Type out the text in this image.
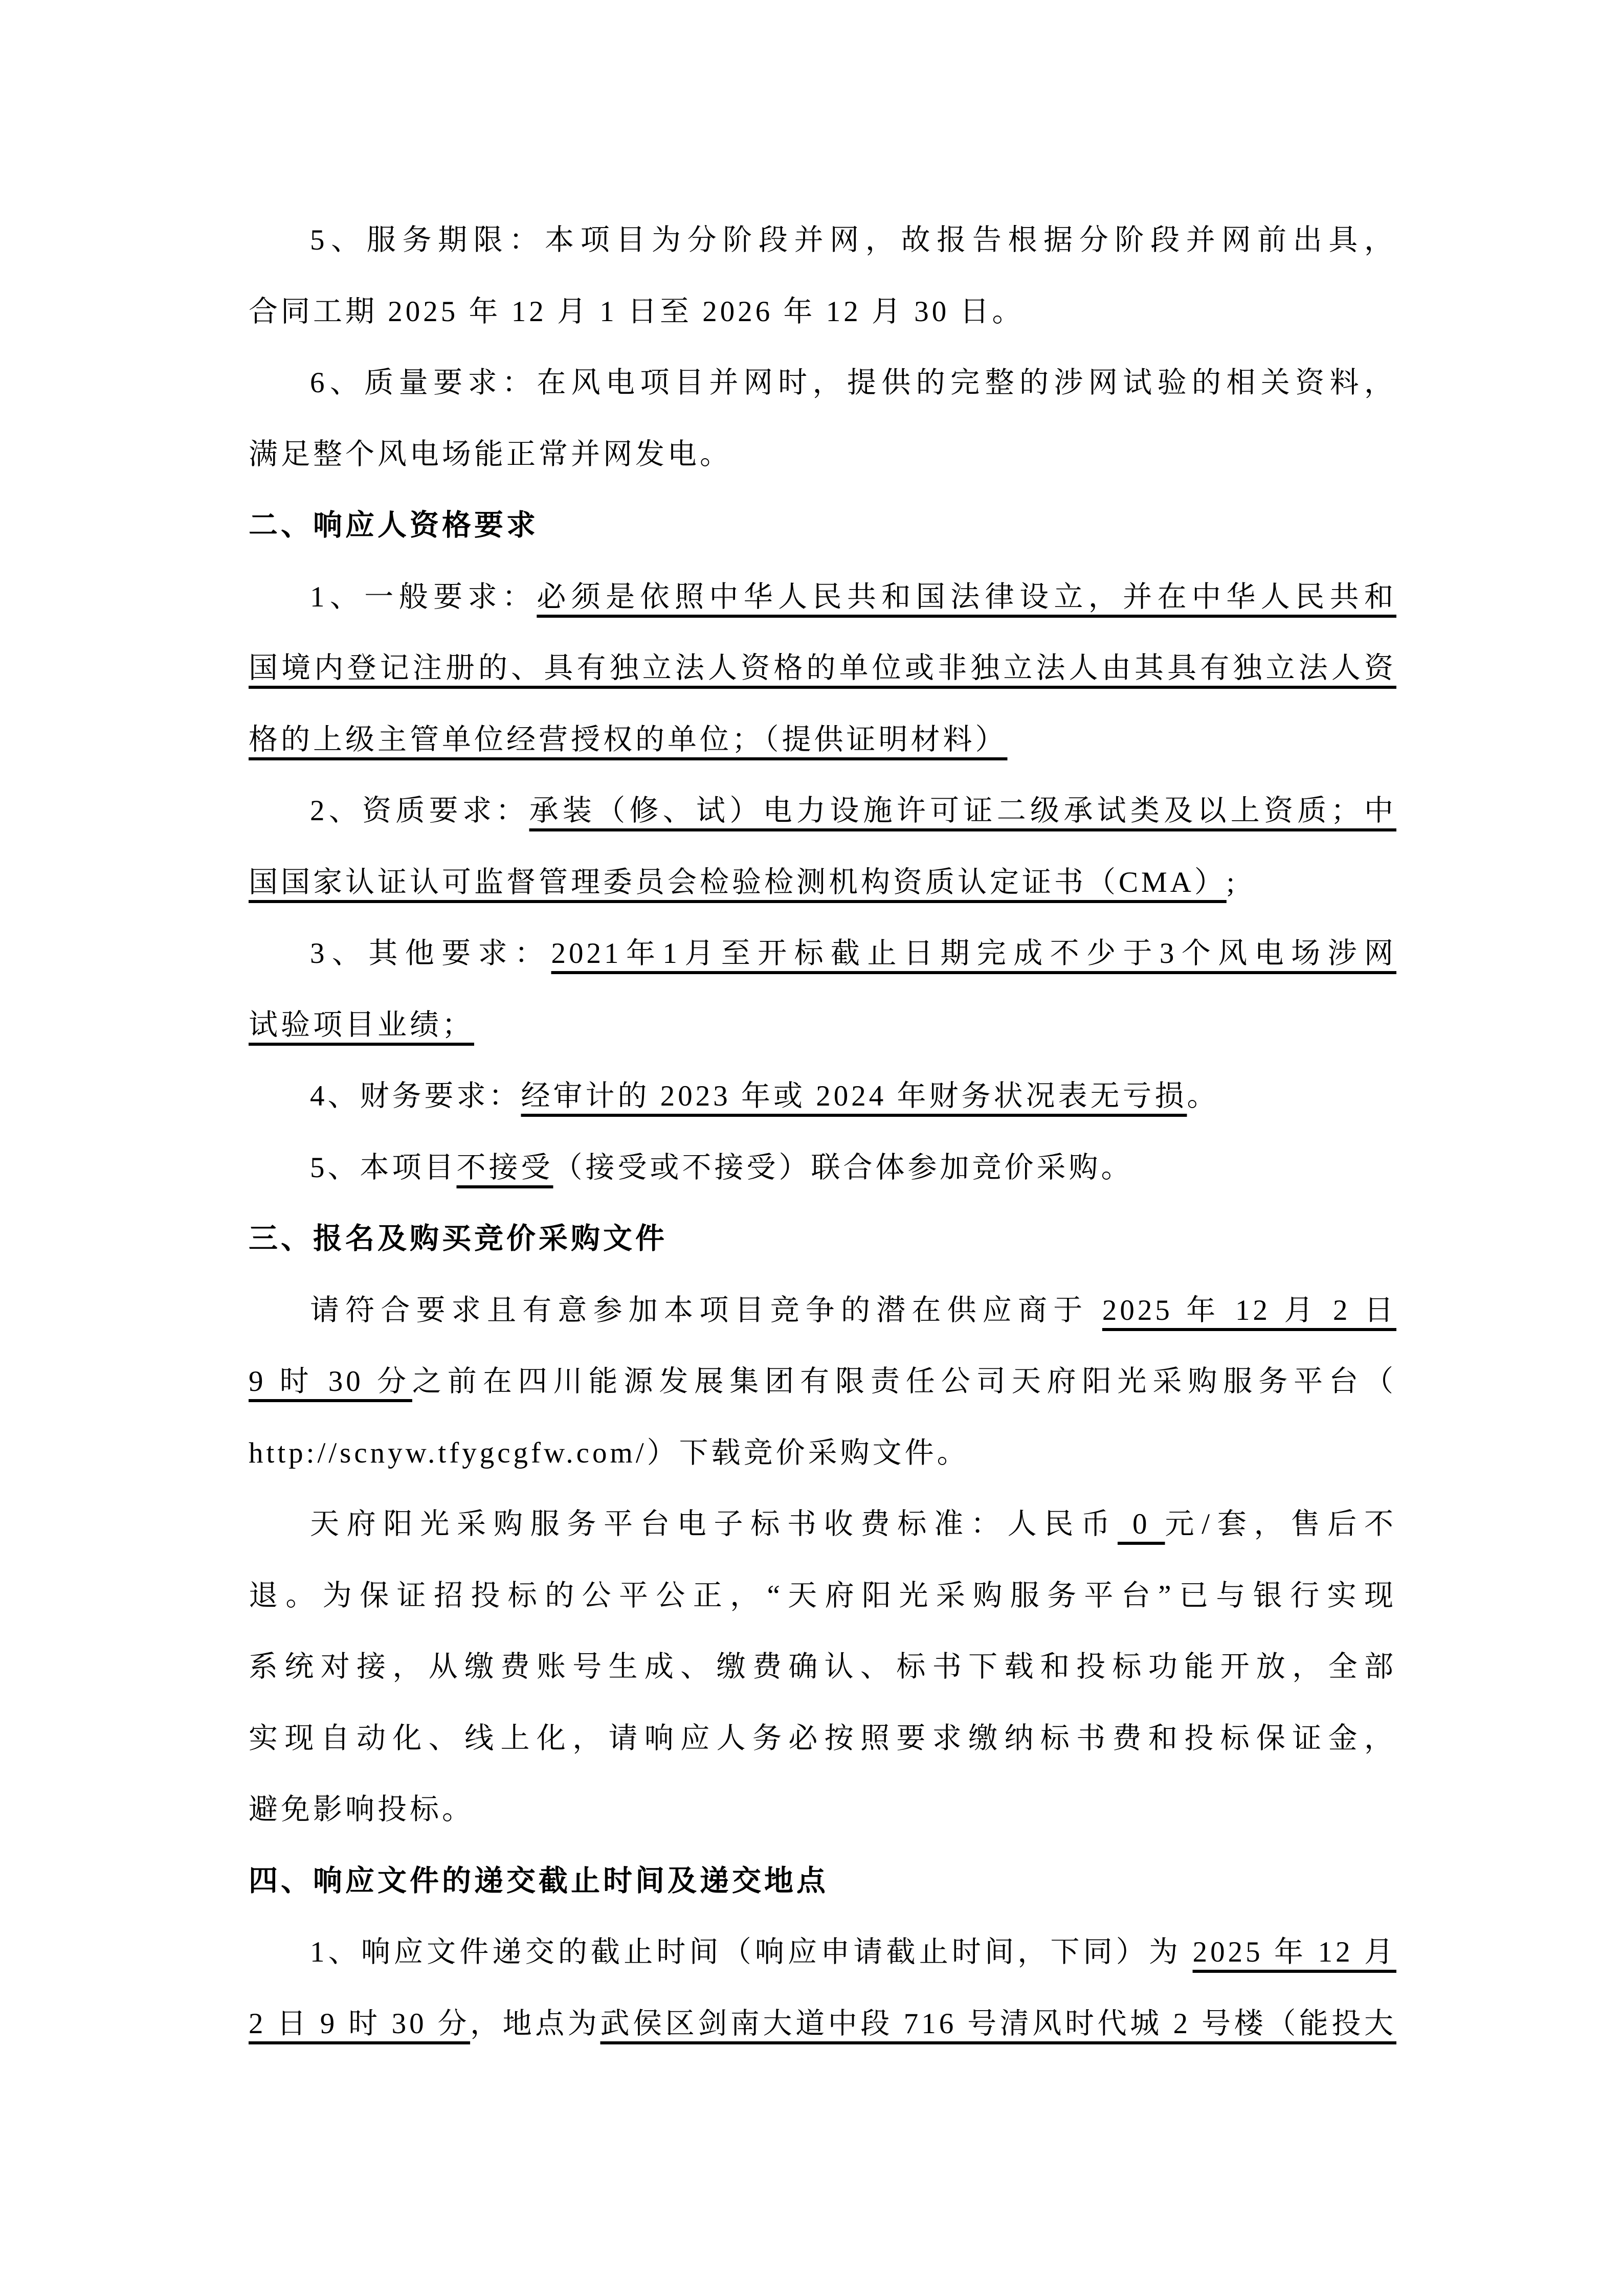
5、服务期限：本项目为分阶段并网，故报告根据分阶段并网前出具，
合同工期 2025 年 12 月 1 日至 2026 年 12 月 30 日。
6、质量要求：在风电项目并网时，提供的完整的涉网试验的相关资料，
满足整个风电场能正常并网发电。
二、响应人资格要求
1、一般要求：必须是依照中华人民共和国法律设立，并在中华人民共和
国境内登记注册的、具有独立法人资格的单位或非独立法人由其具有独立法人资
格的上级主管单位经营授权的单位；（提供证明材料）
2、资质要求：承装（修、试）电力设施许可证二级承试类及以上资质；中
国国家认证认可监督管理委员会检验检测机构资质认定证书（CMA）;
3、其他要求：2021年1月至开标截止日期完成不少于3个风电场涉网
试验项目业绩；
4、财务要求：经审计的 2023 年或 2024 年财务状况表无亏损。
5、本项目不接受（接受或不接受）联合体参加竞价采购。
三、报名及购买竞价采购文件
请符合要求且有意参加本项目竞争的潜在供应商于 2025 年 12 月 2 日
9 时 30 分之前在四川能源发展集团有限责任公司天府阳光采购服务平台（
http://scnyw.tfygcgfw.com/）下载竞价采购文件。
天府阳光采购服务平台电子标书收费标准：人民币 0 元/套，售后不
退。为保证招投标的公平公正，“天府阳光采购服务平台”已与银行实现
系统对接，从缴费账号生成、缴费确认、标书下载和投标功能开放，全部
实现自动化、线上化，请响应人务必按照要求缴纳标书费和投标保证金，
避免影响投标。
四、响应文件的递交截止时间及递交地点
1、响应文件递交的截止时间（响应申请截止时间，下同）为 2025 年 12 月
2 日 9 时 30 分，地点为武侯区剑南大道中段 716 号清风时代城 2 号楼（能投大
